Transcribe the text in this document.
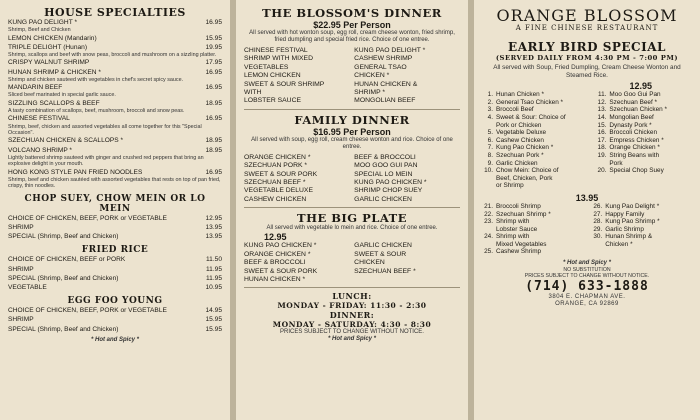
HOUSE SPECIALTIES
KUNG PAO DELIGHT *	16.95
Shrimp, Beef and Chicken
LEMON CHICKEN (Mandarin)	15.95
TRIPLE DELIGHT (Hunan)	19.95
Shrimp, scallops and beef with snow peas, broccoli and mushroom on a sizzling platter.
CRISPY WALNUT SHRIMP	17.95
HUNAN SHRIMP & CHICKEN *	16.95
Shrimp and chicken sauteed with vegetables in chef's secret spicy sauce.
MANDARIN BEEF	16.95
Sliced beef marinated in special garlic sauce.
SIZZLING SCALLOPS & BEEF	18.95
A tasty combination of scallops, beef, mushroom, broccoli and snow peas.
CHINESE FESTIVAL	16.95
Shrimp, beef, chicken and assorted vegetables all come together for this "Special Occasion".
SZECHUAN CHICKEN & SCALLOPS *	18.95
VOLCANO SHRIMP *	18.95
Lightly battered shrimp sauteed with ginger and crushed red peppers that bring an explosive delight in your mouth.
HONG KONG STYLE PAN FRIED NOODLES	16.95
Shrimp, beef and chicken sautéed with assorted vegetables that rests on top of pan fried, crispy, thin noodles.
CHOP SUEY, CHOW MEIN OR LO MEIN
CHOICE OF CHICKEN, BEEF, PORK or VEGETABLE	12.95
SHRIMP	13.95
SPECIAL (Shrimp, Beef and Chicken)	13.95
FRIED RICE
CHOICE OF CHICKEN, BEEF or PORK	11.50
SHRIMP	11.95
SPECIAL (Shrimp, Beef and Chicken)	11.95
VEGETABLE	10.95
EGG FOO YOUNG
CHOICE OF CHICKEN, BEEF, PORK or VEGETABLE	14.95
SHRIMP	15.95
SPECIAL (Shrimp, Beef and Chicken)	15.95
* Hot and Spicy *
THE BLOSSOM'S DINNER
$22.95 Per Person
All served with hot wonton soup, egg roll, cream cheese wonton, fried shrimp, fried dumpling and special fried rice. Choice of one entree.
CHINESE FESTIVAL
SHRIMP WITH MIXED
VEGETABLES
LEMON CHICKEN
SWEET & SOUR SHRIMP
WITH
LOBSTER SAUCE
KUNG PAO DELIGHT *
CASHEW SHRIMP
GENERAL TSAO
CHICKEN *
HUNAN CHICKEN &
SHRIMP *
MONGOLIAN BEEF
FAMILY DINNER
$16.95 Per Person
All served with soup, egg roll, cream cheese wonton and rice. Choice of one entree.
ORANGE CHICKEN *
SZECHUAN PORK *
SWEET & SOUR PORK
SZECHUAN BEEF *
VEGETABLE DELUXE
CASHEW CHICKEN
BEEF & BROCCOLI
MOO GOO GUI PAN
SPECIAL LO MEIN
KUNG PAO CHICKEN *
SHRIMP CHOP SUEY
GARLIC CHICKEN
THE BIG PLATE
All served with vegetable lo mein and rice. Choice of one entree.
12.95
KUNG PAO CHICKEN *
ORANGE CHICKEN *
BEEF & BROCCOLI
SWEET & SOUR PORK
HUNAN CHICKEN *
GARLIC CHICKEN
SWEET & SOUR
CHICKEN
SZECHUAN BEEF *
LUNCH:
MONDAY - FRIDAY: 11:30 - 2:30
DINNER:
MONDAY - SATURDAY: 4:30 - 8:30
PRICES SUBJECT TO CHANGE WITHOUT NOTICE.
* Hot and Spicy *
ORANGE BLOSSOM
A FINE CHINESE RESTAURANT
EARLY BIRD SPECIAL
(SERVED DAILY FROM 4:30 PM - 7:00 PM)
All served with Soup, Fried Dumpling, Cream Cheese Wonton and Steamed Rice.
12.95
1. Hunan Chicken *
2. General Tsao Chicken *
3. Broccoli Beef
4. Sweet & Sour: Choice of
Pork or Chicken
5. Vegetable Deluxe
6. Cashew Chicken
7. Kung Pao Chicken *
8. Szechuan Pork *
9. Garlic Chicken
10. Chow Mein: Choice of
Beef, Chicken, Pork
or Shrimp
11. Moo Goo Gui Pan
12. Szechuan Beef *
13. Szechuan Chicken *
14. Mongolian Beef
15. Dynasty Pork *
16. Broccoli Chicken
17. Empress Chicken *
18. Orange Chicken *
19. String Beans with
Pork
20. Special Chop Suey
13.95
21. Broccoli Shrimp
22. Szechuan Shrimp *
23. Shrimp with
Lobster Sauce
24. Shrimp with
Mixed Vegetables
25. Cashew Shrimp
26. Kung Pao Delight *
27. Happy Family
28. Kung Pao Shrimp *
29. Garlic Shrimp
30. Hunan Shrimp &
Chicken *
* Hot and Spicy *
NO SUBSTITUTION
PRICES SUBJECT TO CHANGE WITHOUT NOTICE.
(714) 633-1888
3804 E. CHAPMAN AVE.
ORANGE, CA 92869
